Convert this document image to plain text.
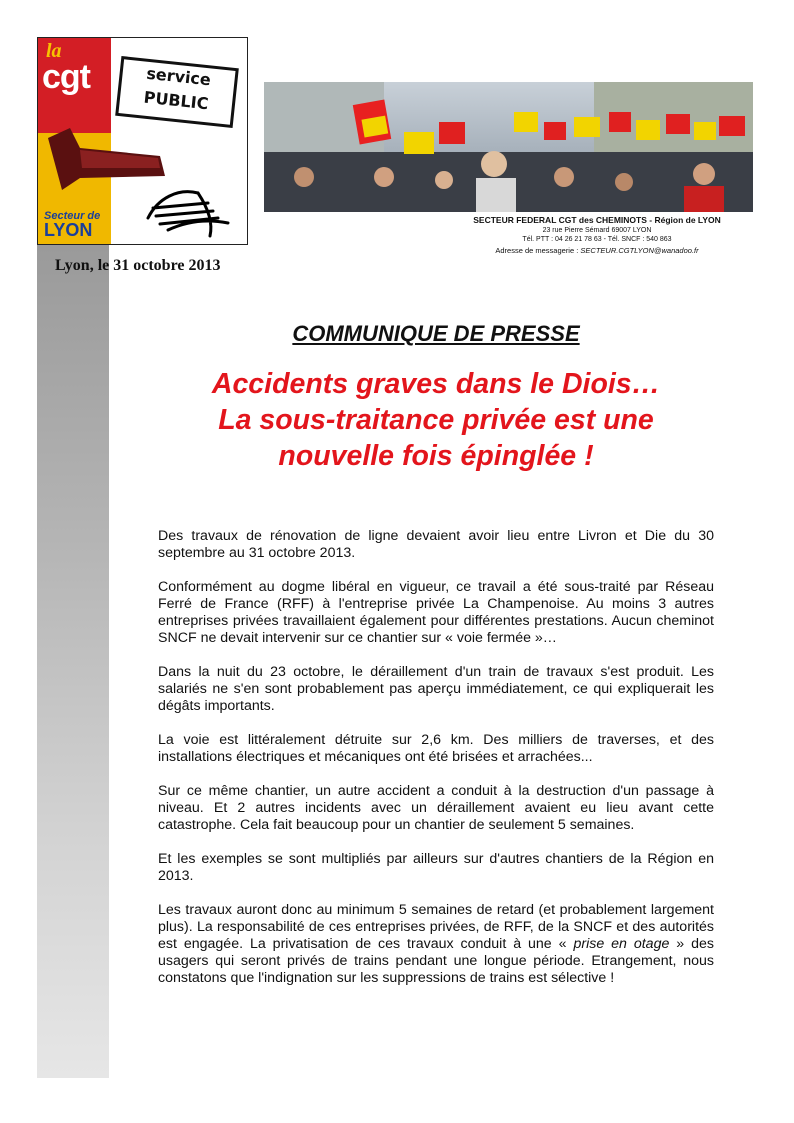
la
cgt	service
PUBLIC
Secteur de
LYON	SECTEUR FEDERAL CGT des CHEMINOTS - Région de LYON
23 rue Pierre Sémard 69007 LYON
Tél. PTT : 04 26 21 78 63 - Tél. SNCF : 540 863
Adresse de messagerie : SECTEUR.CGTLYON@wanadoo.fr
Lyon, le 31 octobre 2013
COMMUNIQUE DE PRESSE
Accidents graves dans le Diois…
La sous-traitance privée est une
nouvelle fois épinglée !

Des travaux de rénovation de ligne devaient avoir lieu entre Livron et Die du 30 septembre au 31 octobre 2013.

Conformément au dogme libéral en vigueur, ce travail a été sous-traité par Réseau Ferré de France (RFF) à l'entreprise privée La Champenoise. Au moins 3 autres entreprises privées travaillaient également pour différentes prestations. Aucun cheminot SNCF ne devait intervenir sur ce chantier sur « voie fermée »…

Dans la nuit du 23 octobre, le déraillement d'un train de travaux s'est produit. Les salariés ne s'en sont probablement pas aperçu immédiatement, ce qui expliquerait les dégâts importants.

La voie est littéralement détruite sur 2,6 km. Des milliers de traverses, et des installations électriques et mécaniques ont été brisées et arrachées...

Sur ce même chantier, un autre accident a conduit à la destruction d'un passage à niveau. Et 2 autres incidents avec un déraillement avaient eu lieu avant cette catastrophe. Cela fait beaucoup pour un chantier de seulement 5 semaines.

Et les exemples se sont multipliés par ailleurs sur d'autres chantiers de la Région en 2013.

Les travaux auront donc au minimum 5 semaines de retard (et probablement largement plus). La responsabilité de ces entreprises privées, de RFF, de la SNCF et des autorités est engagée. La privatisation de ces travaux conduit à une « prise en otage » des usagers qui seront privés de trains pendant une longue période. Etrangement, nous constatons que l'indignation sur les suppressions de trains est sélective !
